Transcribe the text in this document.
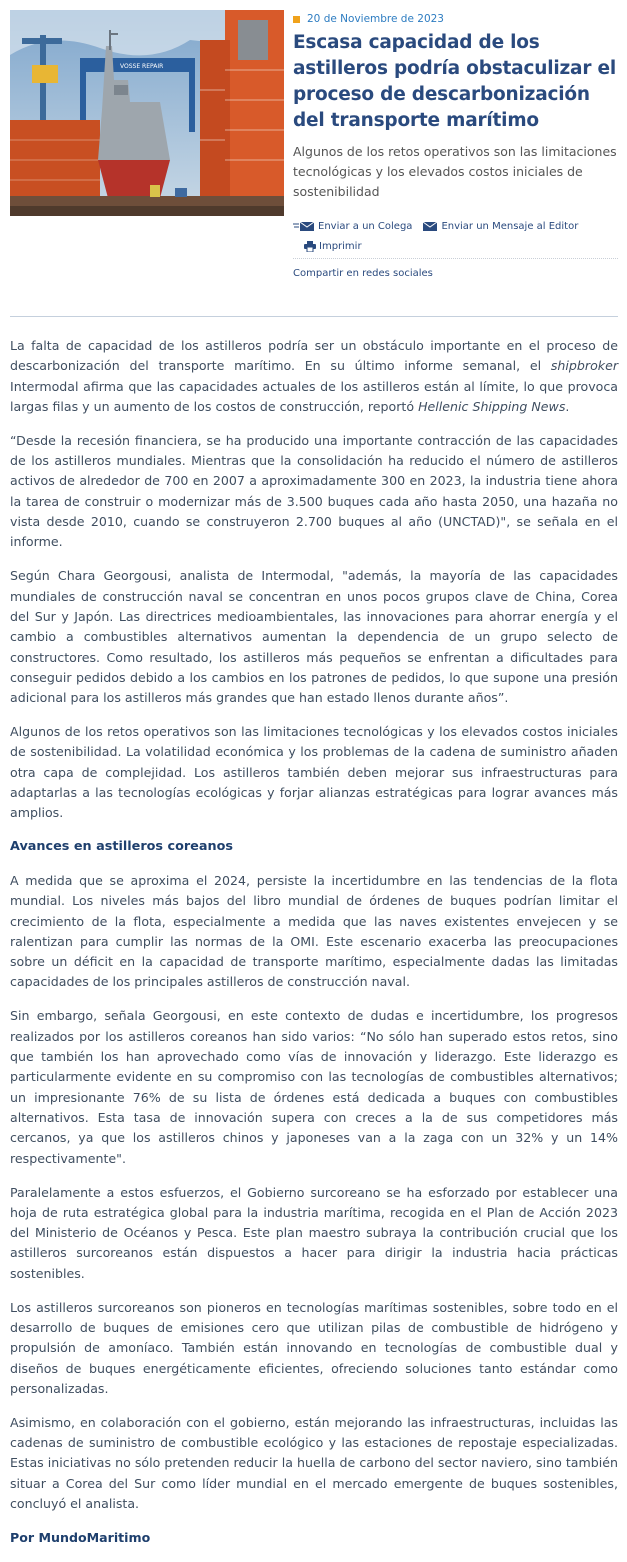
VOSSE REPAIR
20 de Noviembre de 2023
Escasa capacidad de los astilleros podría obstaculizar el proceso de descarbonización del transporte marítimo
Algunos de los retos operativos son las limitaciones tecnológicas y los elevados costos iniciales de sostenibilidad
Enviar a un Colega	Enviar un Mensaje al Editor
Imprimir
Compartir en redes sociales

La falta de capacidad de los astilleros podría ser un obstáculo importante en el proceso de descarbonización del transporte marítimo. En su último informe semanal, el shipbroker Intermodal afirma que las capacidades actuales de los astilleros están al límite, lo que provoca largas filas y un aumento de los costos de construcción, reportó Hellenic Shipping News.

“Desde la recesión financiera, se ha producido una importante contracción de las capacidades de los astilleros mundiales. Mientras que la consolidación ha reducido el número de astilleros activos de alrededor de 700 en 2007 a aproximadamente 300 en 2023, la industria tiene ahora la tarea de construir o modernizar más de 3.500 buques cada año hasta 2050, una hazaña no vista desde 2010, cuando se construyeron 2.700 buques al año (UNCTAD)", se señala en el informe.

Según Chara Georgousi, analista de Intermodal, "además, la mayoría de las capacidades mundiales de construcción naval se concentran en unos pocos grupos clave de China, Corea del Sur y Japón. Las directrices medioambientales, las innovaciones para ahorrar energía y el cambio a combustibles alternativos aumentan la dependencia de un grupo selecto de constructores. Como resultado, los astilleros más pequeños se enfrentan a dificultades para conseguir pedidos debido a los cambios en los patrones de pedidos, lo que supone una presión adicional para los astilleros más grandes que han estado llenos durante años”.

Algunos de los retos operativos son las limitaciones tecnológicas y los elevados costos iniciales de sostenibilidad. La volatilidad económica y los problemas de la cadena de suministro añaden otra capa de complejidad. Los astilleros también deben mejorar sus infraestructuras para adaptarlas a las tecnologías ecológicas y forjar alianzas estratégicas para lograr avances más amplios.

Avances en astilleros coreanos

A medida que se aproxima el 2024, persiste la incertidumbre en las tendencias de la flota mundial. Los niveles más bajos del libro mundial de órdenes de buques podrían limitar el crecimiento de la flota, especialmente a medida que las naves existentes envejecen y se ralentizan para cumplir las normas de la OMI. Este escenario exacerba las preocupaciones sobre un déficit en la capacidad de transporte marítimo, especialmente dadas las limitadas capacidades de los principales astilleros de construcción naval.

Sin embargo, señala Georgousi, en este contexto de dudas e incertidumbre, los progresos realizados por los astilleros coreanos han sido varios: “No sólo han superado estos retos, sino que también los han aprovechado como vías de innovación y liderazgo. Este liderazgo es particularmente evidente en su compromiso con las tecnologías de combustibles alternativos; un impresionante 76% de su lista de órdenes está dedicada a buques con combustibles alternativos. Esta tasa de innovación supera con creces a la de sus competidores más cercanos, ya que los astilleros chinos y japoneses van a la zaga con un 32% y un 14% respectivamente".

Paralelamente a estos esfuerzos, el Gobierno surcoreano se ha esforzado por establecer una hoja de ruta estratégica global para la industria marítima, recogida en el Plan de Acción 2023 del Ministerio de Océanos y Pesca. Este plan maestro subraya la contribución crucial que los astilleros surcoreanos están dispuestos a hacer para dirigir la industria hacia prácticas sostenibles.

Los astilleros surcoreanos son pioneros en tecnologías marítimas sostenibles, sobre todo en el desarrollo de buques de emisiones cero que utilizan pilas de combustible de hidrógeno y propulsión de amoníaco. También están innovando en tecnologías de combustible dual y diseños de buques energéticamente eficientes, ofreciendo soluciones tanto estándar como personalizadas.

Asimismo, en colaboración con el gobierno, están mejorando las infraestructuras, incluidas las cadenas de suministro de combustible ecológico y las estaciones de repostaje especializadas. Estas iniciativas no sólo pretenden reducir la huella de carbono del sector naviero, sino también situar a Corea del Sur como líder mundial en el mercado emergente de buques sostenibles, concluyó el analista.

Por MundoMaritimo
